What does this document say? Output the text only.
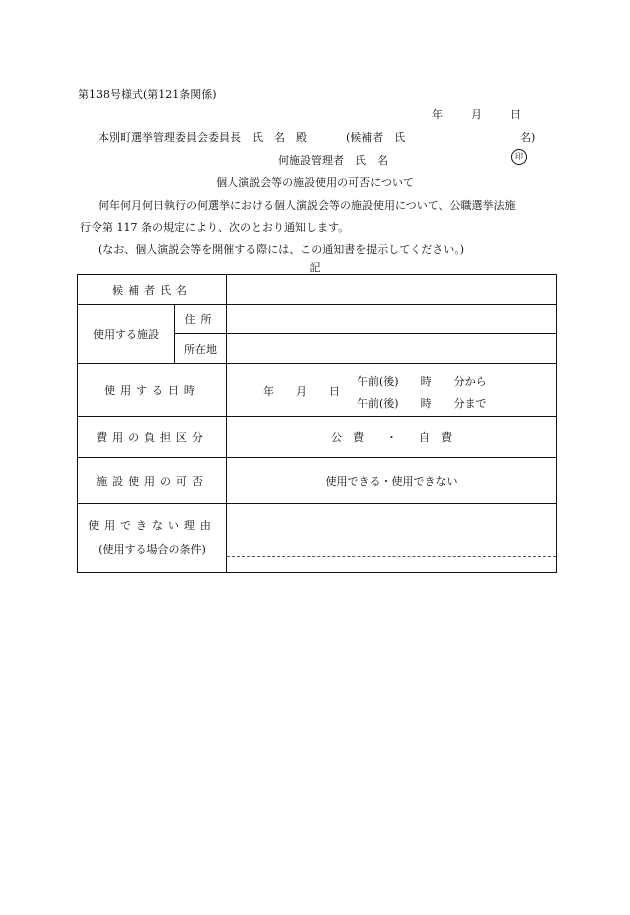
第138号様式(第121条関係)
年	月	日
本別町選挙管理委員会委員長　氏　名　殿	(候補者　氏	名)
何施設管理者　氏　名	印
個人演説会等の施設使用の可否について
何年何月何日執行の何選挙における個人演説会等の施設使用について、公職選挙法施
行令第 117 条の規定により、次のとおり通知します。
(なお、個人演説会等を開催する際には、この通知書を提示してください。)
記
候補者氏名		
使用する施設	住所	
	所在地	
使用する日時		年　　月　　日
午前(後)　　時　　分から
午前(後)　　時　　分まで

費用の負担区分		公　費　　・　　自　費
施設使用の可否		使用できる・使用できない

使用できない理由
(使用する場合の条件)		
